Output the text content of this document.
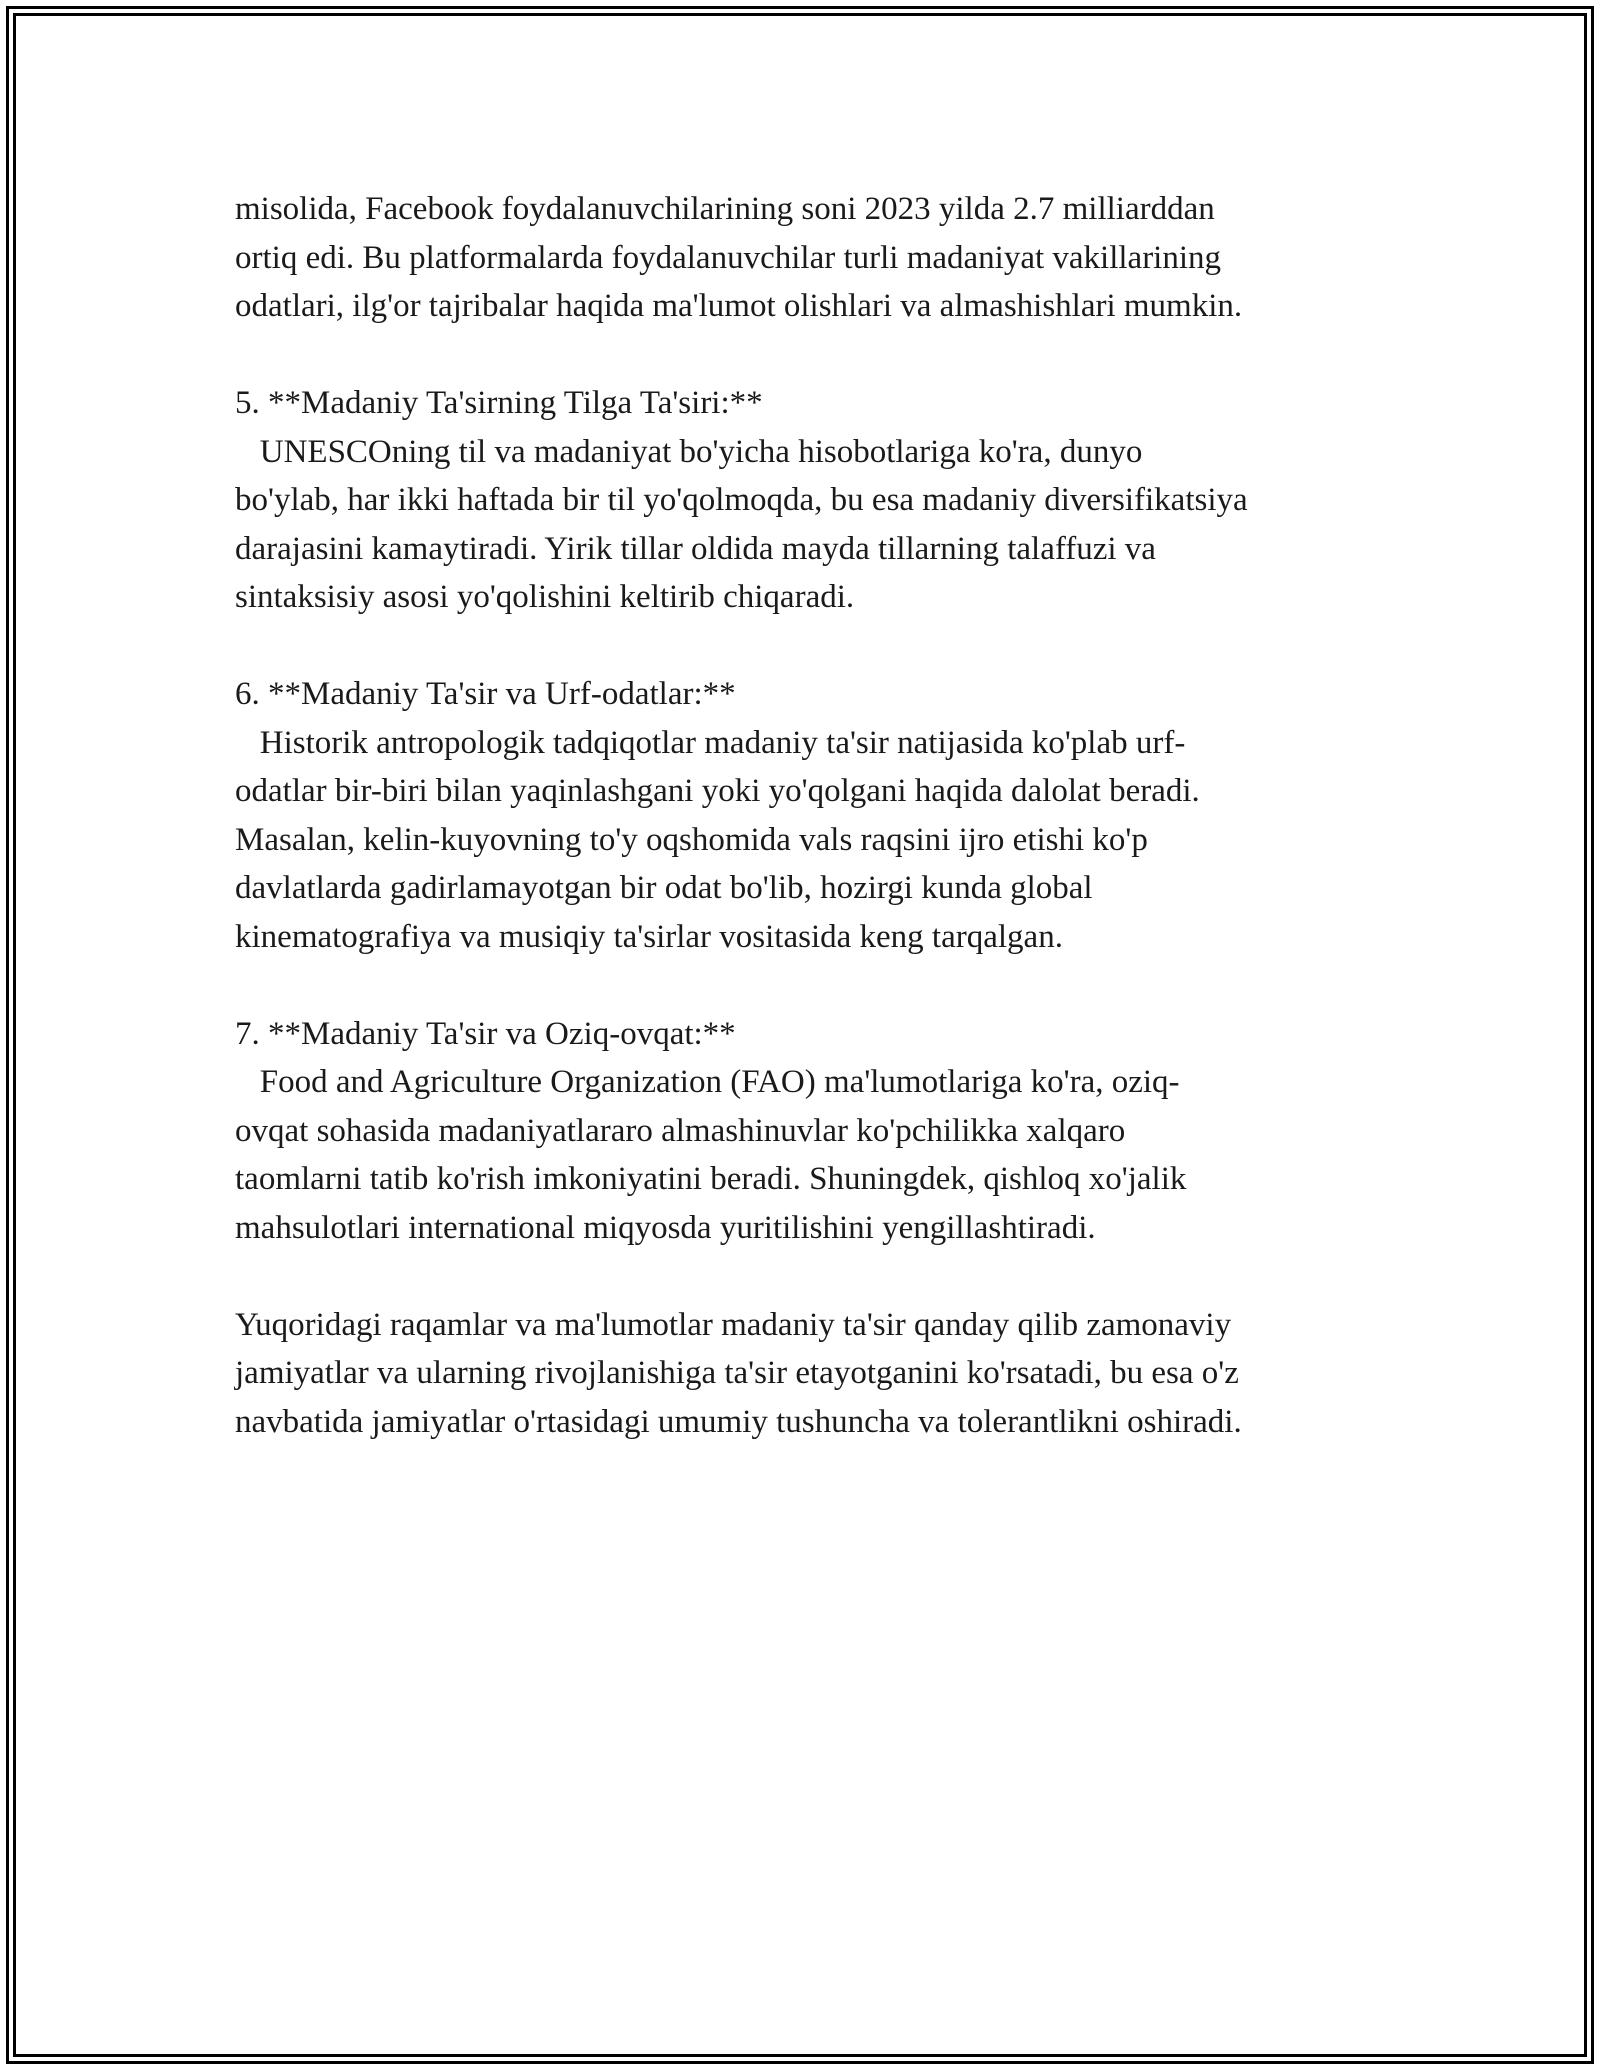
misolida, Facebook foydalanuvchilarining soni 2023 yilda 2.7 milliarddan
ortiq edi. Bu platformalarda foydalanuvchilar turli madaniyat vakillarining
odatlari, ilg'or tajribalar haqida ma'lumot olishlari va almashishlari mumkin.
5. **Madaniy Ta'sirning Tilga Ta'siri:**
UNESCOning til va madaniyat bo'yicha hisobotlariga ko'ra, dunyo
bo'ylab, har ikki haftada bir til yo'qolmoqda, bu esa madaniy diversifikatsiya
darajasini kamaytiradi. Yirik tillar oldida mayda tillarning talaffuzi va
sintaksisiy asosi yo'qolishini keltirib chiqaradi.
6. **Madaniy Ta'sir va Urf-odatlar:**
Historik antropologik tadqiqotlar madaniy ta'sir natijasida ko'plab urf-
odatlar bir-biri bilan yaqinlashgani yoki yo'qolgani haqida dalolat beradi.
Masalan, kelin-kuyovning to'y oqshomida vals raqsini ijro etishi ko'p
davlatlarda gadirlamayotgan bir odat bo'lib, hozirgi kunda global
kinematografiya va musiqiy ta'sirlar vositasida keng tarqalgan.
7. **Madaniy Ta'sir va Oziq-ovqat:**
Food and Agriculture Organization (FAO) ma'lumotlariga ko'ra, oziq-
ovqat sohasida madaniyatlararo almashinuvlar ko'pchilikka xalqaro
taomlarni tatib ko'rish imkoniyatini beradi. Shuningdek, qishloq xo'jalik
mahsulotlari international miqyosda yuritilishini yengillashtiradi.
Yuqoridagi raqamlar va ma'lumotlar madaniy ta'sir qanday qilib zamonaviy
jamiyatlar va ularning rivojlanishiga ta'sir etayotganini ko'rsatadi, bu esa o'z
navbatida jamiyatlar o'rtasidagi umumiy tushuncha va tolerantlikni oshiradi.
